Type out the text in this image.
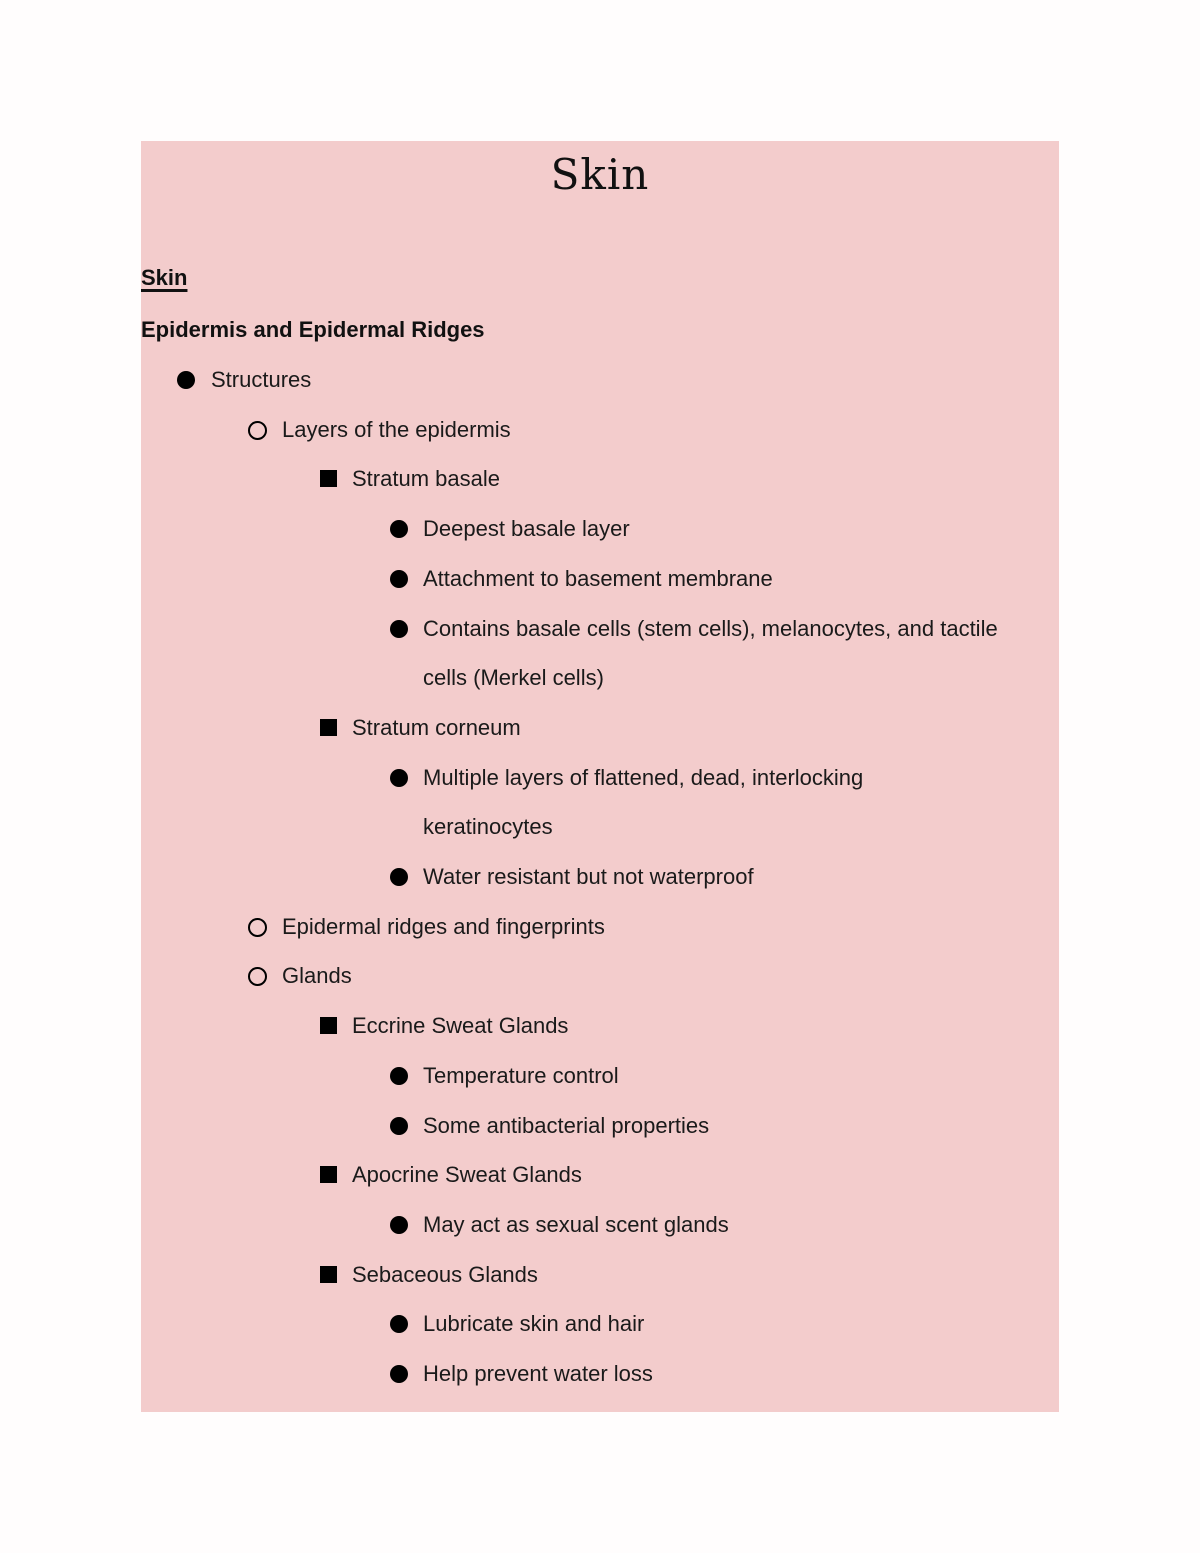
Skin
Skin
Epidermis and Epidermal Ridges
Structures
Layers of the epidermis
Stratum basale
Deepest basale layer
Attachment to basement membrane
Contains basale cells (stem cells), melanocytes, and tactile
cells (Merkel cells)
Stratum corneum
Multiple layers of flattened, dead, interlocking
keratinocytes
Water resistant but not waterproof
Epidermal ridges and fingerprints
Glands
Eccrine Sweat Glands
Temperature control
Some antibacterial properties
Apocrine Sweat Glands
May act as sexual scent glands
Sebaceous Glands
Lubricate skin and hair
Help prevent water loss
